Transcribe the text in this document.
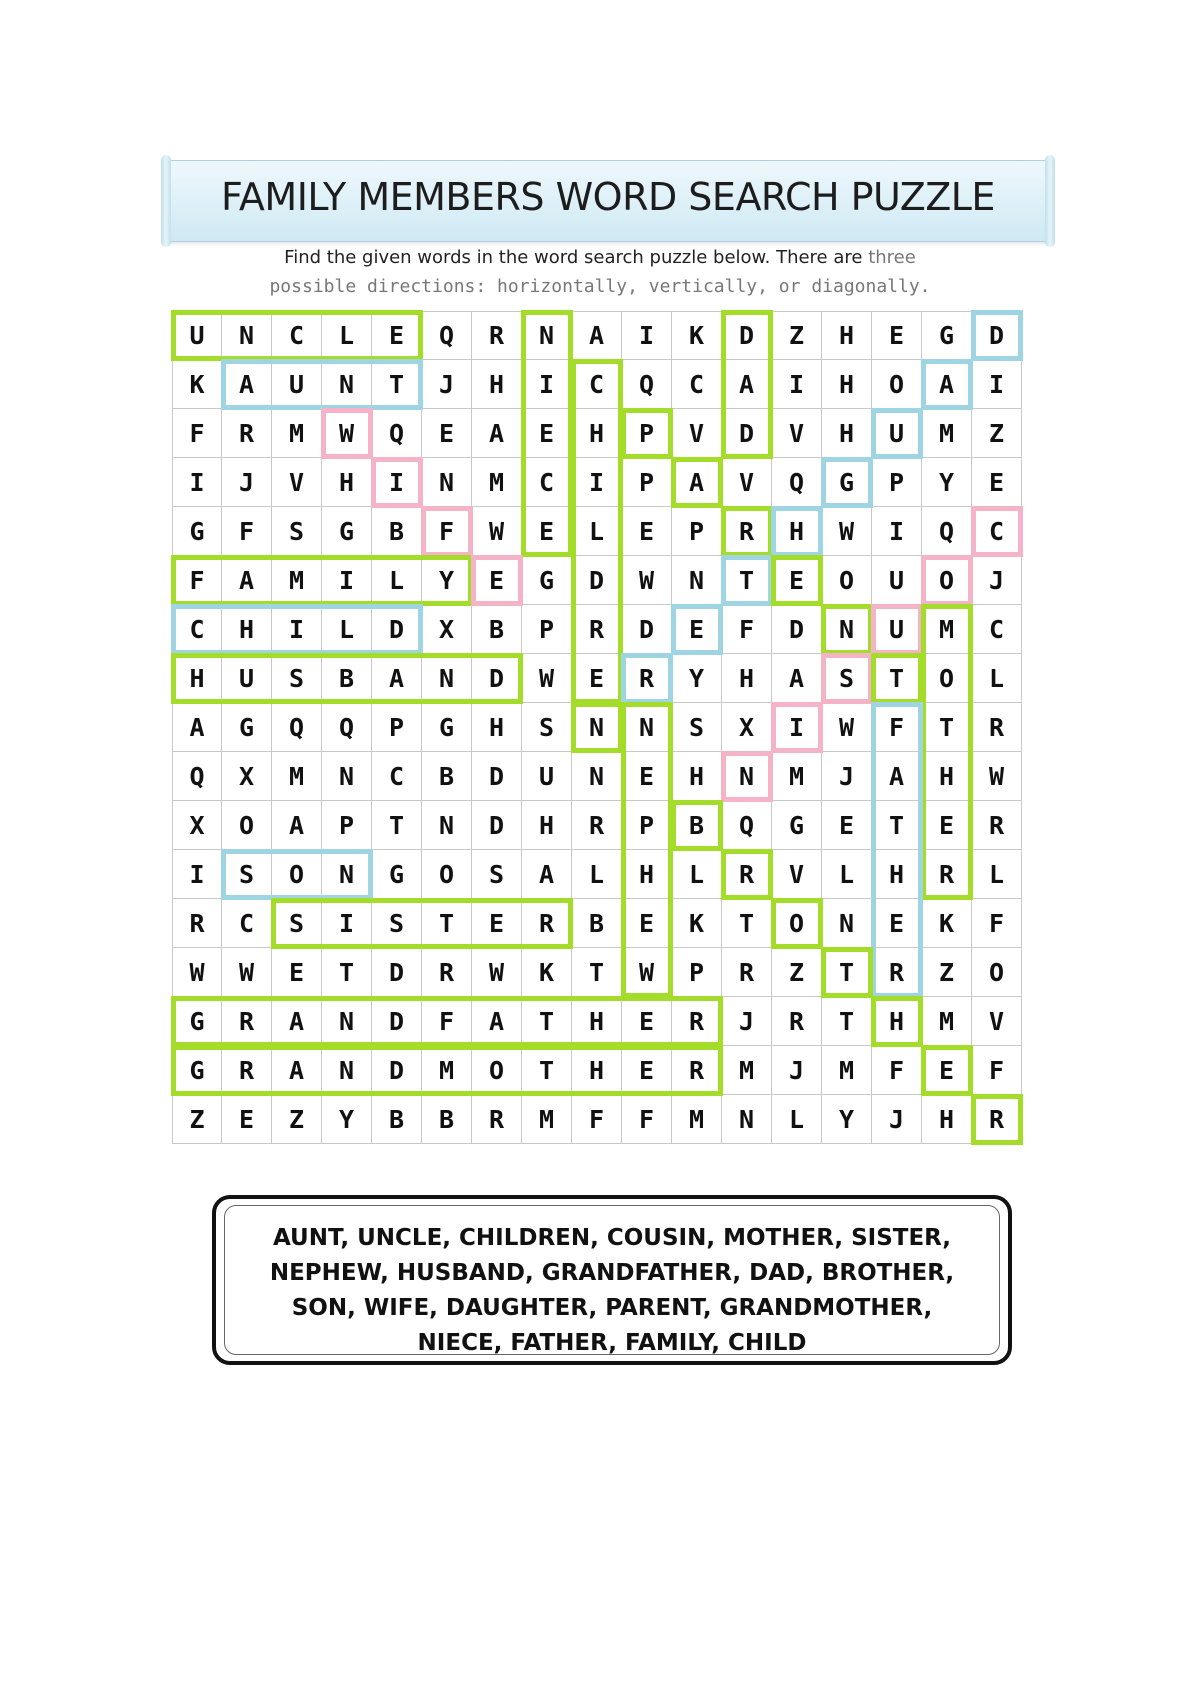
FAMILY MEMBERS WORD SEARCH PUZZLE
Find the given words in the word search puzzle below. There are three
possible directions: horizontally, vertically, or diagonally.
U	N	C	L	E	Q	R	N	A	I	K	D	Z	H	E	G	D
K	A	U	N	T	J	H	I	C	Q	C	A	I	H	O	A	I
F	R	M	W	Q	E	A	E	H	P	V	D	V	H	U	M	Z
I	J	V	H	I	N	M	C	I	P	A	V	Q	G	P	Y	E
G	F	S	G	B	F	W	E	L	E	P	R	H	W	I	Q	C
F	A	M	I	L	Y	E	G	D	W	N	T	E	O	U	O	J
C	H	I	L	D	X	B	P	R	D	E	F	D	N	U	M	C
H	U	S	B	A	N	D	W	E	R	Y	H	A	S	T	O	L
A	G	Q	Q	P	G	H	S	N	N	S	X	I	W	F	T	R
Q	X	M	N	C	B	D	U	N	E	H	N	M	J	A	H	W
X	O	A	P	T	N	D	H	R	P	B	Q	G	E	T	E	R
I	S	O	N	G	O	S	A	L	H	L	R	V	L	H	R	L
R	C	S	I	S	T	E	R	B	E	K	T	O	N	E	K	F
W	W	E	T	D	R	W	K	T	W	P	R	Z	T	R	Z	O
G	R	A	N	D	F	A	T	H	E	R	J	R	T	H	M	V
G	R	A	N	D	M	O	T	H	E	R	M	J	M	F	E	F
Z	E	Z	Y	B	B	R	M	F	F	M	N	L	Y	J	H	R
AUNT, UNCLE, CHILDREN, COUSIN, MOTHER, SISTER,
NEPHEW, HUSBAND, GRANDFATHER, DAD, BROTHER,
SON, WIFE, DAUGHTER, PARENT, GRANDMOTHER,
NIECE, FATHER, FAMILY, CHILD
